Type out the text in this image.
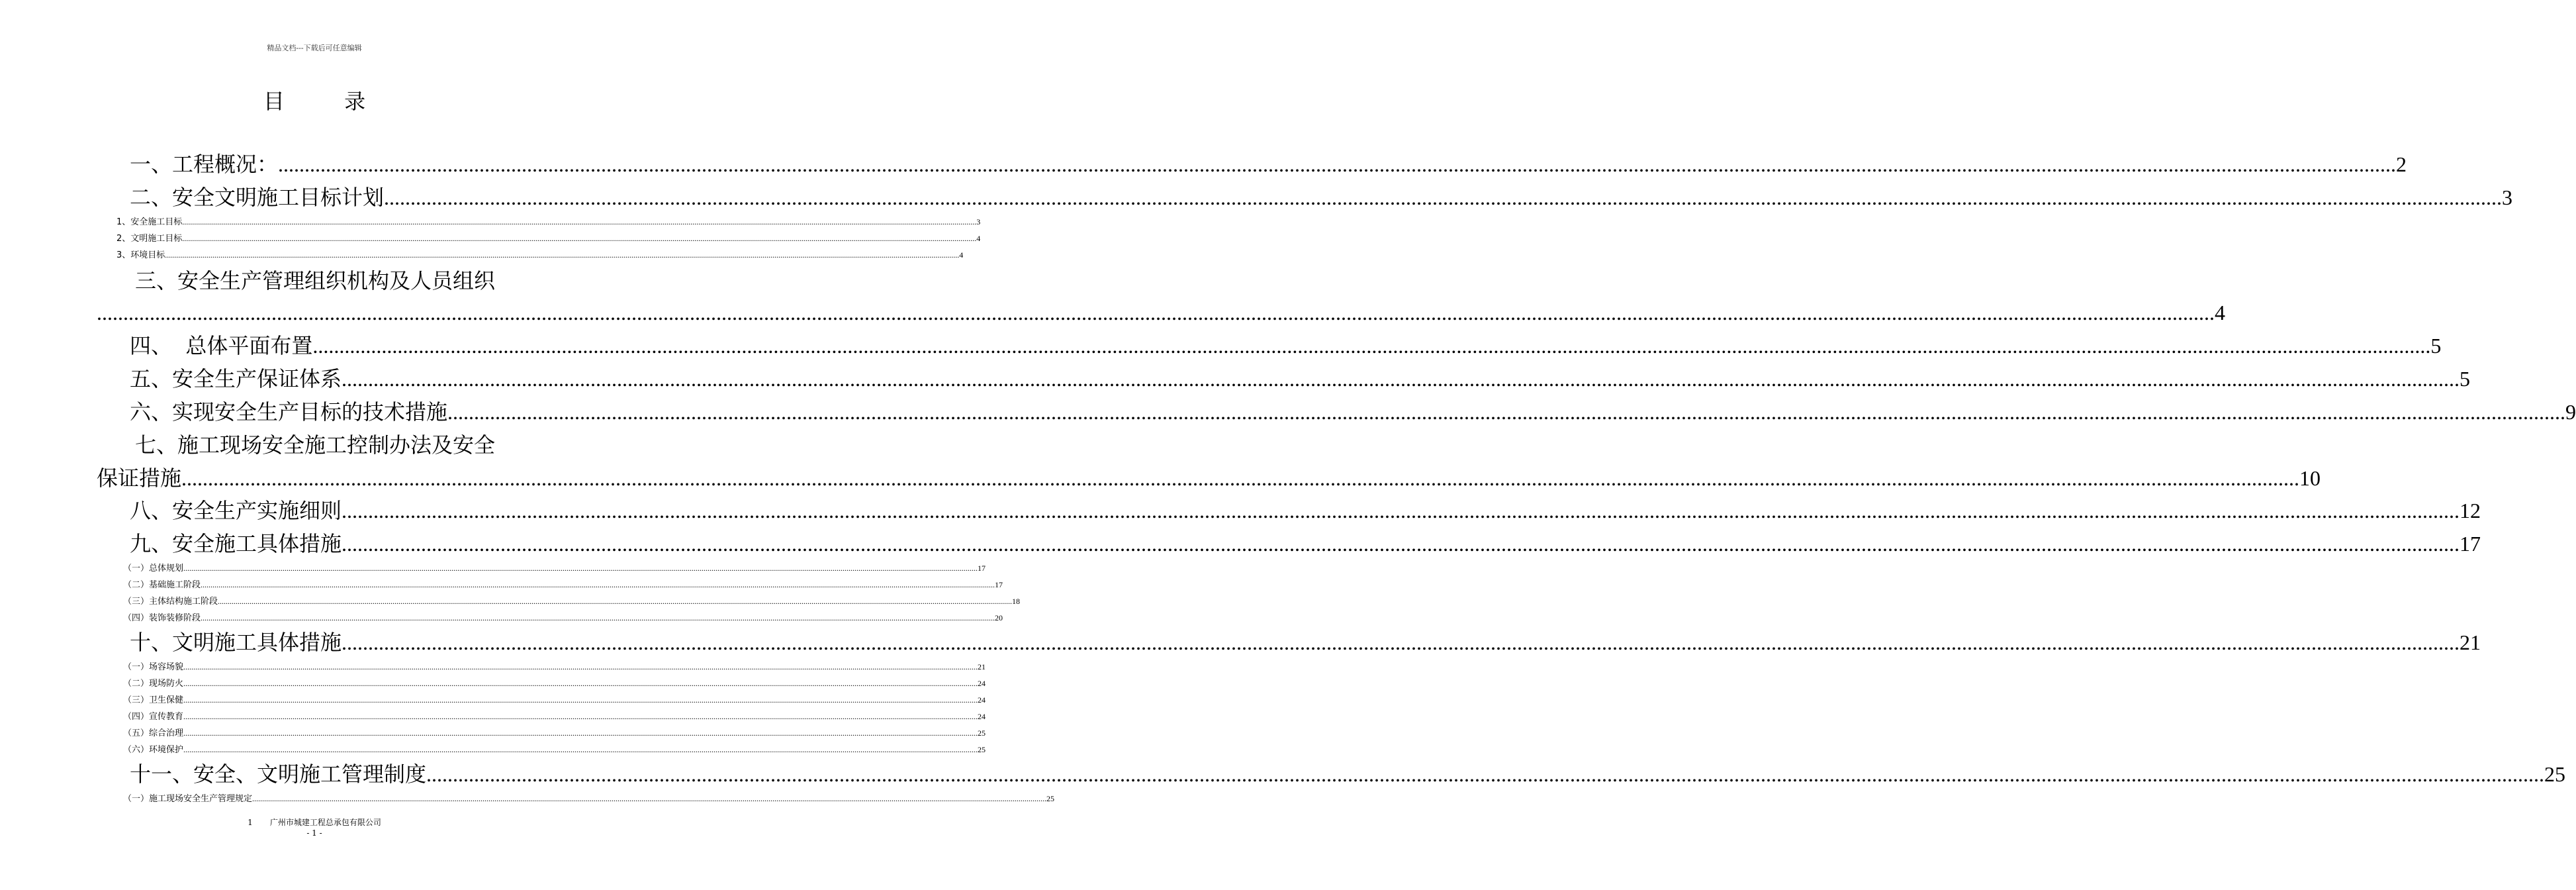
精品文档---下载后可任意编辑
目 录
一、工程概况： ................................................................................................................................................................................................................................................................................................................................................................................................................ 2
二、安全文明施工目标计划 ................................................................................................................................................................................................................................................................................................................................................................................................................ 3
1、安全施工目标 ................................................................................................................................................................................................................................................................................................................................................................................................................ 3
2、文明施工目标 ................................................................................................................................................................................................................................................................................................................................................................................................................ 4
3、环境目标 ................................................................................................................................................................................................................................................................................................................................................................................................................ 4
三、安全生产管理组织机构及人员组织
................................................................................................................................................................................................................................................................................................................................................................................................................ 4
四、  总体平面布置 ................................................................................................................................................................................................................................................................................................................................................................................................................ 5
五、安全生产保证体系 ................................................................................................................................................................................................................................................................................................................................................................................................................ 5
六、实现安全生产目标的技术措施 ................................................................................................................................................................................................................................................................................................................................................................................................................ 9
七、施工现场安全施工控制办法及安全
保证措施 ................................................................................................................................................................................................................................................................................................................................................................................................................ 10
八、安全生产实施细则 ................................................................................................................................................................................................................................................................................................................................................................................................................ 12
九、安全施工具体措施 ................................................................................................................................................................................................................................................................................................................................................................................................................ 17
（一）总体规划 ................................................................................................................................................................................................................................................................................................................................................................................................................ 17
（二）基础施工阶段 ................................................................................................................................................................................................................................................................................................................................................................................................................ 17
（三）主体结构施工阶段 ................................................................................................................................................................................................................................................................................................................................................................................................................ 18
（四）装饰装修阶段 ................................................................................................................................................................................................................................................................................................................................................................................................................ 20
十、文明施工具体措施 ................................................................................................................................................................................................................................................................................................................................................................................................................ 21
（一）场容场貌 ................................................................................................................................................................................................................................................................................................................................................................................................................ 21
（二）现场防火 ................................................................................................................................................................................................................................................................................................................................................................................................................ 24
（三）卫生保健 ................................................................................................................................................................................................................................................................................................................................................................................................................ 24
（四）宣传教育 ................................................................................................................................................................................................................................................................................................................................................................................................................ 24
（五）综合治理 ................................................................................................................................................................................................................................................................................................................................................................................................................ 25
（六）环境保护 ................................................................................................................................................................................................................................................................................................................................................................................................................ 25
十一、安全、文明施工管理制度 ................................................................................................................................................................................................................................................................................................................................................................................................................ 25
（一）施工现场安全生产管理规定 ................................................................................................................................................................................................................................................................................................................................................................................................................ 25
1 广州市城建工程总承包有限公司
- 1 -
